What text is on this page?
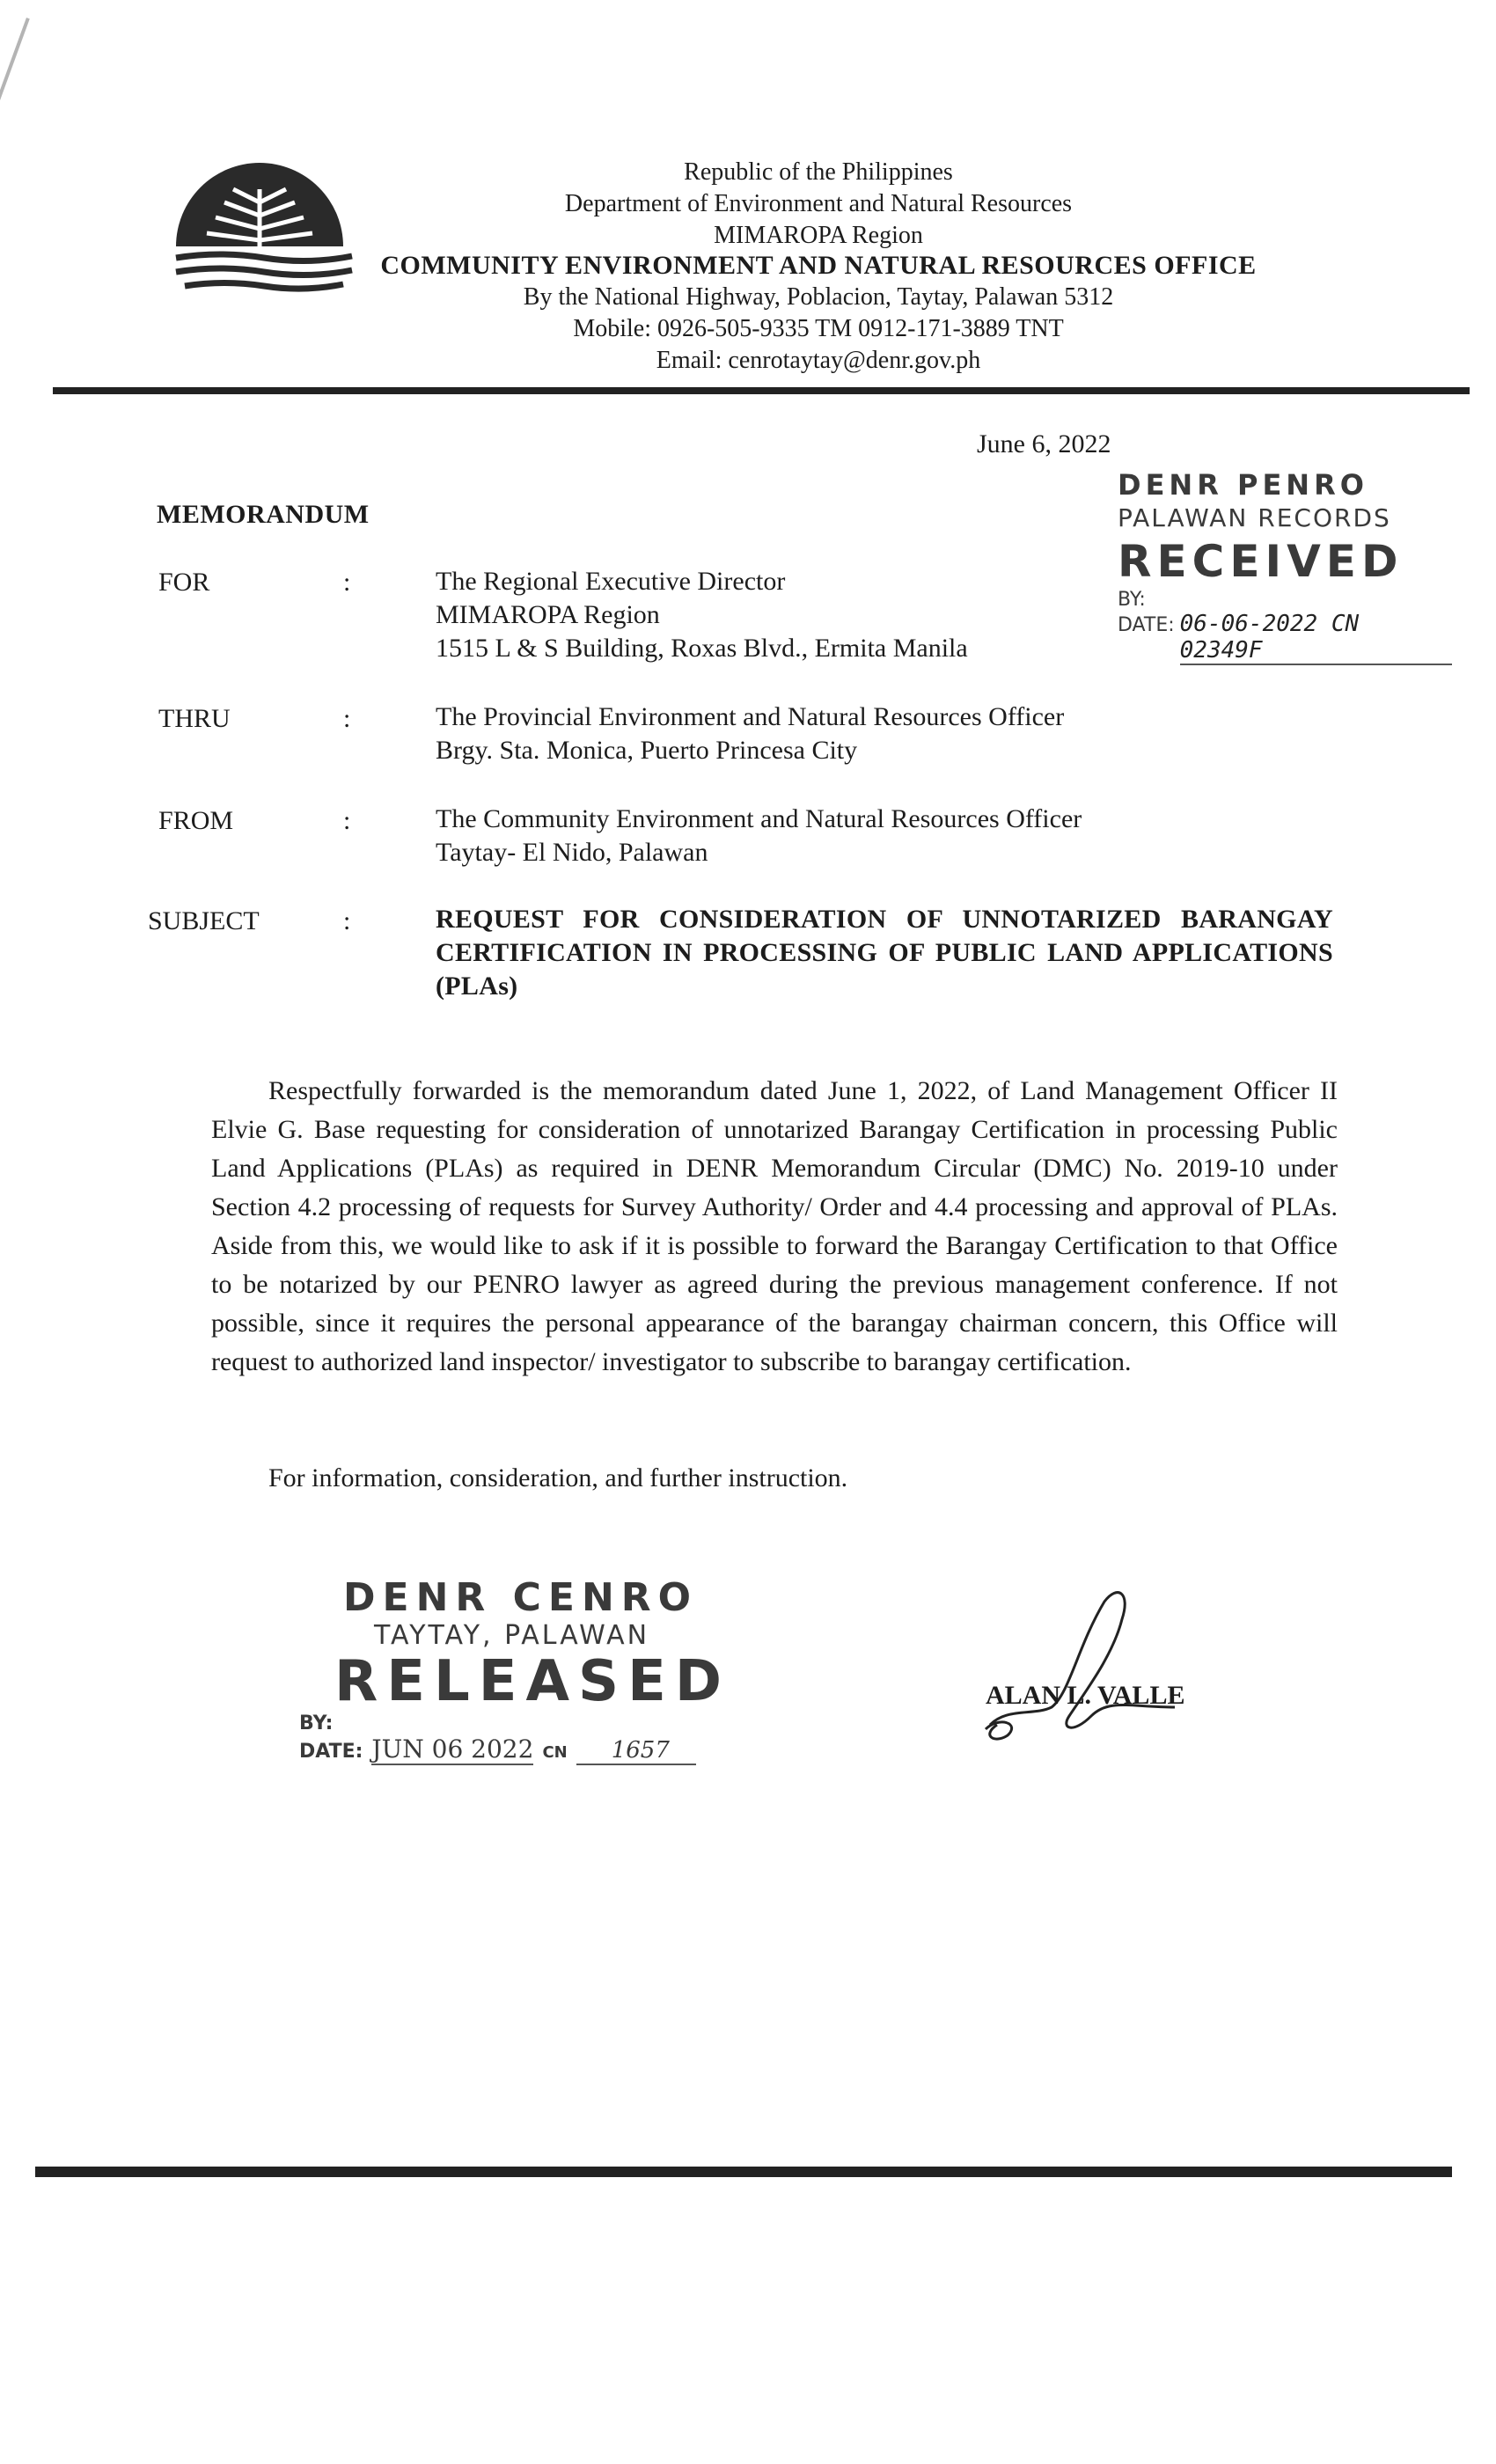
Republic of the Philippines
Department of Environment and Natural Resources
MIMAROPA Region
COMMUNITY ENVIRONMENT AND NATURAL RESOURCES OFFICE
By the National Highway, Poblacion, Taytay, Palawan 5312
Mobile: 0926-505-9335 TM 0912-171-3889 TNT
Email: cenrotaytay@denr.gov.ph
June 6, 2022
MEMORANDUM
DENR PENRO
PALAWAN RECORDS
RECEIVED
BY:
DATE: 06-06-2022 CN 02349F
FOR	:	The Regional Executive Director
MIMAROPA Region
1515 L & S Building, Roxas Blvd., Ermita Manila
THRU	:	The Provincial Environment and Natural Resources Officer
Brgy. Sta. Monica, Puerto Princesa City
FROM	:	The Community Environment and Natural Resources Officer
Taytay- El Nido, Palawan
SUBJECT	:	REQUEST FOR CONSIDERATION OF UNNOTARIZED BARANGAY CERTIFICATION IN PROCESSING OF PUBLIC LAND APPLICATIONS (PLAs)
Respectfully forwarded is the memorandum dated June 1, 2022, of Land Management Officer II Elvie G. Base requesting for consideration of unnotarized Barangay Certification in processing Public Land Applications (PLAs) as required in DENR Memorandum Circular (DMC) No. 2019-10 under Section 4.2 processing of requests for Survey Authority/ Order and 4.4 processing and approval of PLAs. Aside from this, we would like to ask if it is possible to forward the Barangay Certification to that Office to be notarized by our PENRO lawyer as agreed during the previous management conference. If not possible, since it requires the personal appearance of the barangay chairman concern, this Office will request to authorized land inspector/ investigator to subscribe to barangay certification.
For information, consideration, and further instruction.
DENR CENRO
TAYTAY, PALAWAN
RELEASED
BY:
DATE: JUN 06 2022 CN	1657
ALAN L. VALLE
